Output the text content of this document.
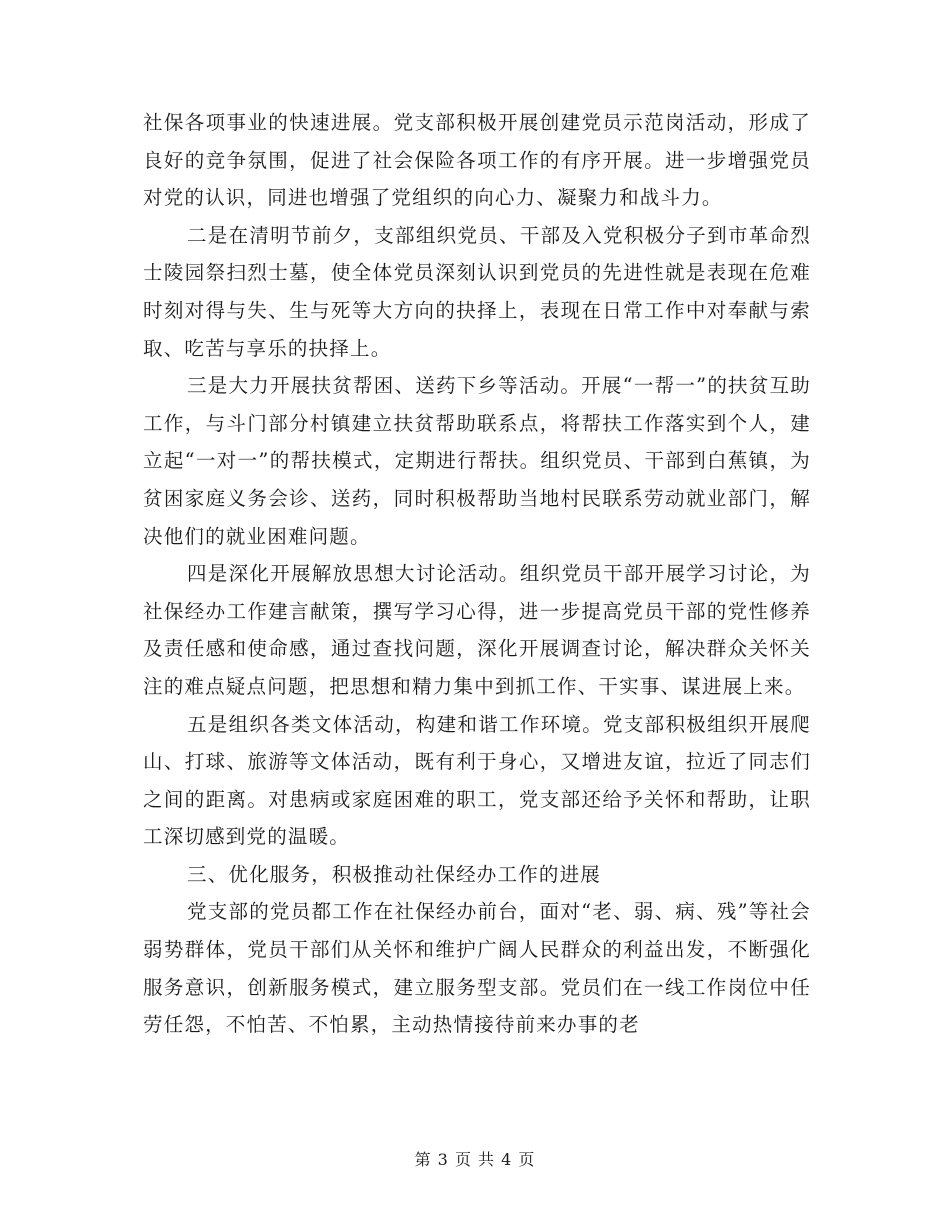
社保各项事业的快速进展。党支部积极开展创建党员示范岗活动，形成了良好的竞争氛围，促进了社会保险各项工作的有序开展。进一步增强党员对党的认识，同进也增强了党组织的向心力、凝聚力和战斗力。

二是在清明节前夕，支部组织党员、干部及入党积极分子到市革命烈士陵园祭扫烈士墓，使全体党员深刻认识到党员的先进性就是表现在危难时刻对得与失、生与死等大方向的抉择上，表现在日常工作中对奉献与索取、吃苦与享乐的抉择上。

三是大力开展扶贫帮困、送药下乡等活动。开展“一帮一”的扶贫互助工作，与斗门部分村镇建立扶贫帮助联系点，将帮扶工作落实到个人，建立起“一对一”的帮扶模式，定期进行帮扶。组织党员、干部到白蕉镇，为贫困家庭义务会诊、送药，同时积极帮助当地村民联系劳动就业部门，解决他们的就业困难问题。

四是深化开展解放思想大讨论活动。组织党员干部开展学习讨论，为社保经办工作建言献策，撰写学习心得，进一步提高党员干部的党性修养及责任感和使命感，通过查找问题，深化开展调查讨论，解决群众关怀关注的难点疑点问题，把思想和精力集中到抓工作、干实事、谋进展上来。

五是组织各类文体活动，构建和谐工作环境。党支部积极组织开展爬山、打球、旅游等文体活动，既有利于身心，又增进友谊，拉近了同志们之间的距离。对患病或家庭困难的职工，党支部还给予关怀和帮助，让职工深切感到党的温暖。

三、优化服务，积极推动社保经办工作的进展

党支部的党员都工作在社保经办前台，面对“老、弱、病、残”等社会弱势群体，党员干部们从关怀和维护广阔人民群众的利益出发，不断强化服务意识，创新服务模式，建立服务型支部。党员们在一线工作岗位中任劳任怨，不怕苦、不怕累，主动热情接待前来办事的老

第 3 页 共 4 页
